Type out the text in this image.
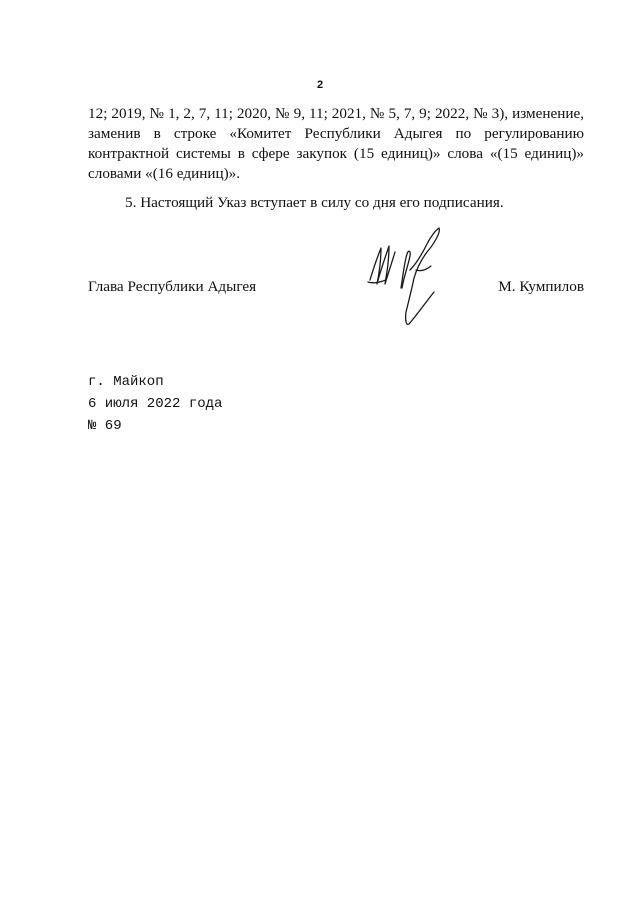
2
12; 2019, № 1, 2, 7, 11; 2020, № 9, 11; 2021, № 5, 7, 9; 2022, № 3), изменение,
заменив в строке «Комитет Республики Адыгея по регулированию
контрактной системы в сфере закупок (15 единиц)» слова «(15 единиц)»
словами «(16 единиц)».
5. Настоящий Указ вступает в силу со дня его подписания.
Глава Республики Адыгея	М. Кумпилов
г. Майкоп
6 июля 2022 года
№ 69
